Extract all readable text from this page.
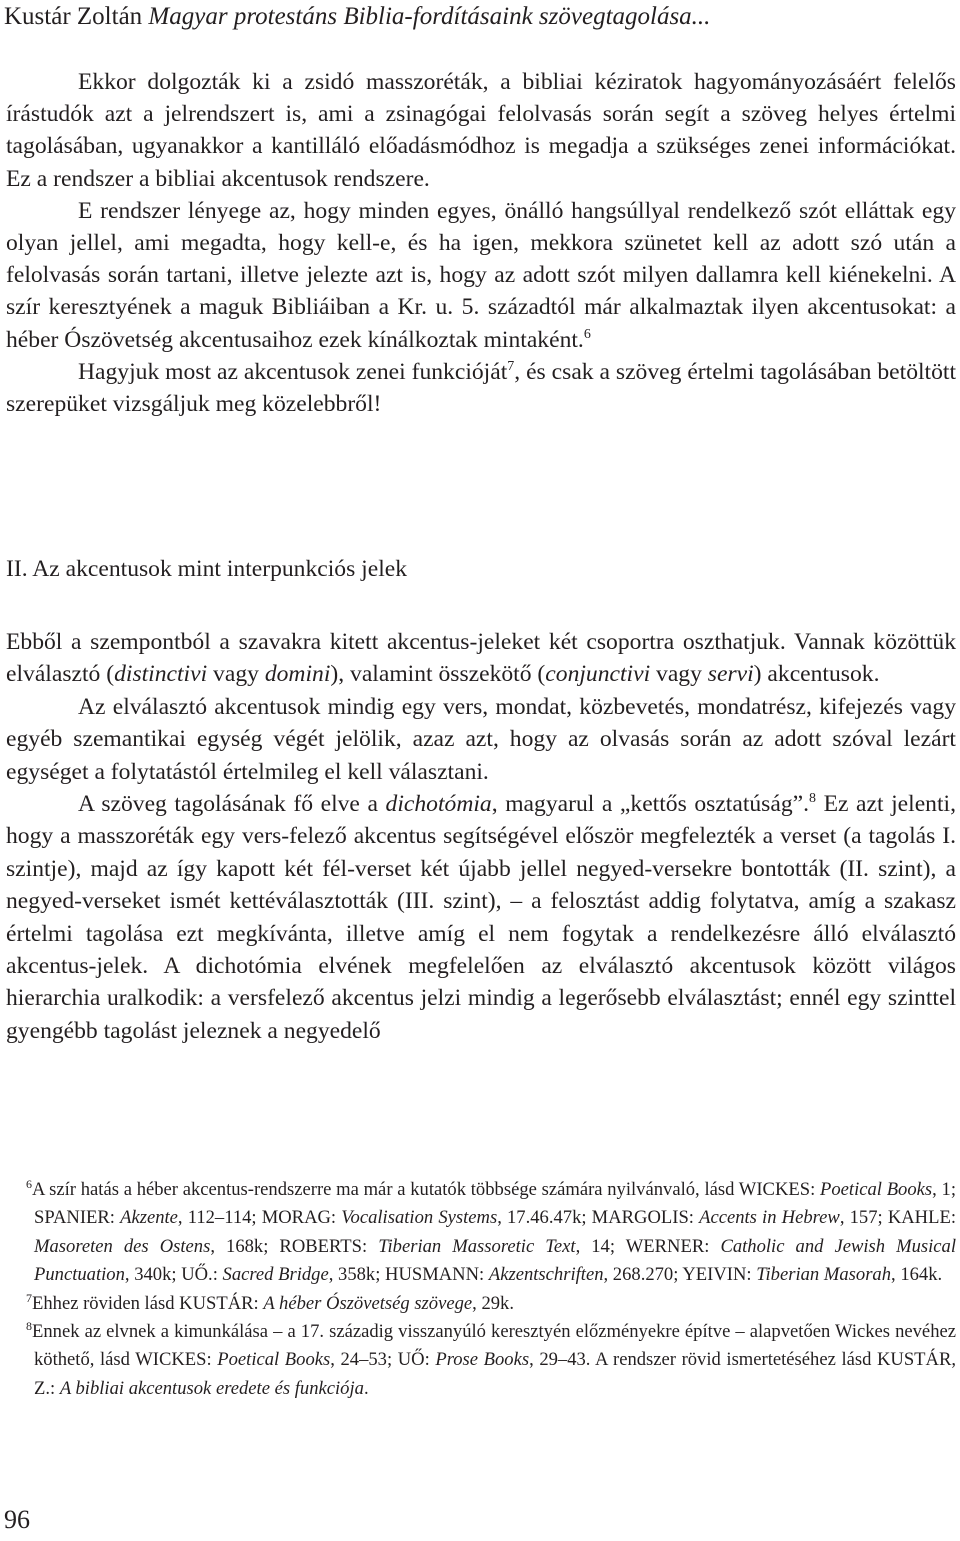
Kustár Zoltán Magyar protestáns Biblia-fordításaink szövegtagolása...

Ekkor dolgozták ki a zsidó masszoréták, a bibliai kéziratok hagyományozásáért felelős írástudók azt a jelrendszert is, ami a zsinagógai felolvasás során segít a szöveg helyes értelmi tagolásában, ugyanakkor a kantilláló előadásmódhoz is megadja a szükséges zenei információkat. Ez a rendszer a bibliai akcentusok rendszere.

E rendszer lényege az, hogy minden egyes, önálló hangsúllyal rendelkező szót elláttak egy olyan jellel, ami megadta, hogy kell-e, és ha igen, mekkora szünetet kell az adott szó után a felolvasás során tartani, illetve jelezte azt is, hogy az adott szót milyen dallamra kell kiénekelni. A szír keresztyének a maguk Bibliáiban a Kr. u. 5. századtól már alkalmaztak ilyen akcentusokat: a héber Ószövetség akcentusaihoz ezek kínálkoztak mintaként.$^6$

Hagyjuk most az akcentusok zenei funkcióját$^7$, és csak a szöveg értelmi tagolásában betöltött szerepüket vizsgáljuk meg közelebbről!

II. Az akcentusok mint interpunkciós jelek

Ebből a szempontból a szavakra kitett akcentus-jeleket két csoportra oszthatjuk. Vannak közöttük elválasztó (distinctivi vagy domini), valamint összekötő (conjunctivi vagy servi) akcentusok.

Az elválasztó akcentusok mindig egy vers, mondat, közbevetés, mondatrész, kifejezés vagy egyéb szemantikai egység végét jelölik, azaz azt, hogy az olvasás során az adott szóval lezárt egységet a folytatástól értelmileg el kell választani.

A szöveg tagolásának fő elve a dichotómia, magyarul a „kettős osztatúság”.$^8$ Ez azt jelenti, hogy a masszoréták egy vers-felező akcentus segítségével először megfelezték a verset (a tagolás I. szintje), majd az így kapott két fél-verset két újabb jellel negyed-versekre bontották (II. szint), a negyed-verseket ismét kettéválasztották (III. szint), – a felosztást addig folytatva, amíg a szakasz értelmi tagolása ezt megkívánta, illetve amíg el nem fogytak a rendelkezésre álló elválasztó akcentus-jelek. A dichotómia elvének megfelelően az elválasztó akcentusok között világos hierarchia uralkodik: a versfelező akcentus jelzi mindig a legerősebb elválasztást; ennél egy szinttel gyengébb tagolást jeleznek a negyedelő

$^6$A szír hatás a héber akcentus-rendszerre ma már a kutatók többsége számára nyilvánvaló, lásd WICKES: Poetical Books, 1; SPANIER: Akzente, 112–114; MORAG: Vocalisation Systems, 17.46.47k; MARGOLIS: Accents in Hebrew, 157; KAHLE: Masoreten des Ostens, 168k; ROBERTS: Tiberian Massoretic Text, 14; WERNER: Catholic and Jewish Musical Punctuation, 340k; UŐ.: Sacred Bridge, 358k; HUSMANN: Akzentschriften, 268.270; YEIVIN: Tiberian Masorah, 164k.

$^7$Ehhez röviden lásd KUSTÁR: A héber Ószövetség szövege, 29k.

$^8$Ennek az elvnek a kimunkálása – a 17. századig visszanyúló keresztyén előzményekre építve – alapvetően Wickes nevéhez köthető, lásd WICKES: Poetical Books, 24–53; UŐ: Prose Books, 29–43. A rendszer rövid ismertetéséhez lásd KUSTÁR, Z.: A bibliai akcentusok eredete és funkciója.

96
